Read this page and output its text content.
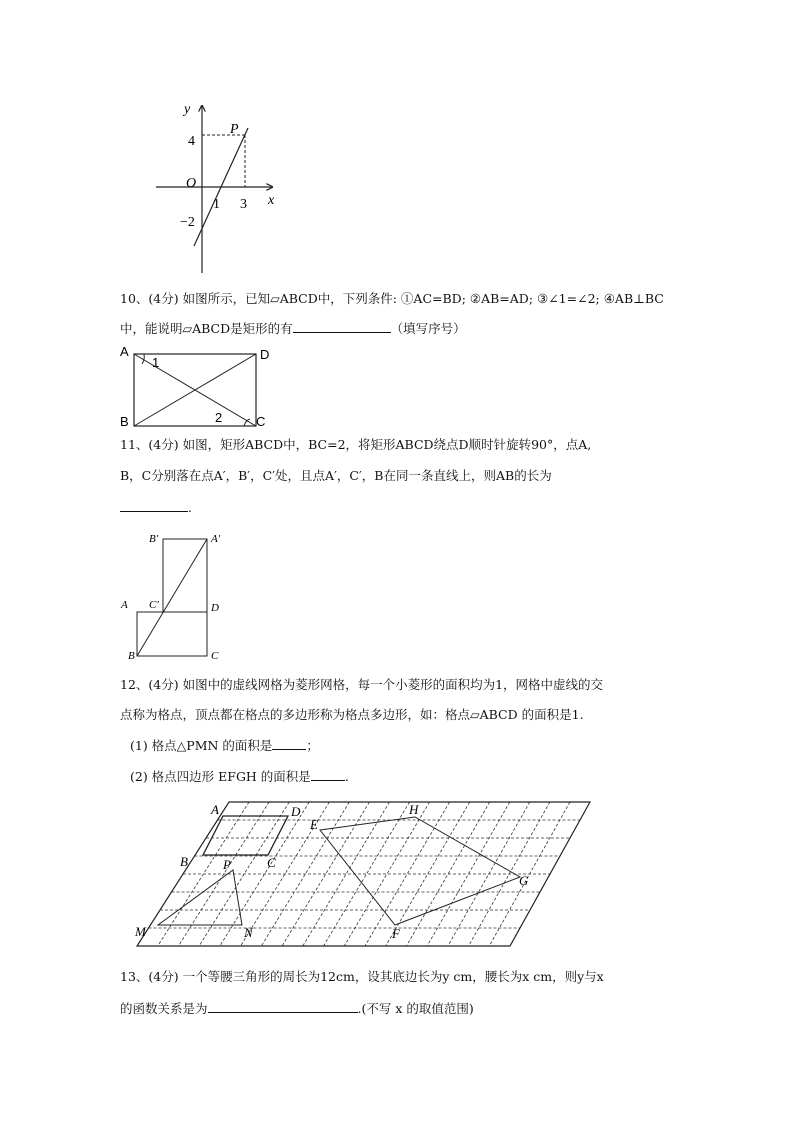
y
x
O
P
4
−2
1 3
10、(4分) 如图所示，已知▱ABCD中，下列条件: ①AC=BD; ②AB=AD; ③∠1=∠2; ④AB⊥BC
中，能说明▱ABCD是矩形的有	（填写序号）
A	D
B	C
1
2
11、(4分) 如图，矩形ABCD中，BC=2，将矩形ABCD绕点D顺时针旋转90°，点A,
B，C分别落在点A′，B′，C′处，且点A′，C′，B在同一条直线上，则AB的长为
.
B′	A′
A C′	D
B	C
12、(4分) 如图中的虚线网格为菱形网格，每一个小菱形的面积均为1，网格中虚线的交
点称为格点，顶点都在格点的多边形称为格点多边形，如：格点▱ABCD 的面积是1.
(1) 格点△PMN 的面积是	；
(2) 格点四边形 EFGH 的面积是	.
A	D
E
H
B	C
P
G
M	N	F
13、(4分) 一个等腰三角形的周长为12cm，设其底边长为y cm，腰长为x cm，则y与x
的函数关系是为	.(不写 x 的取值范围)
